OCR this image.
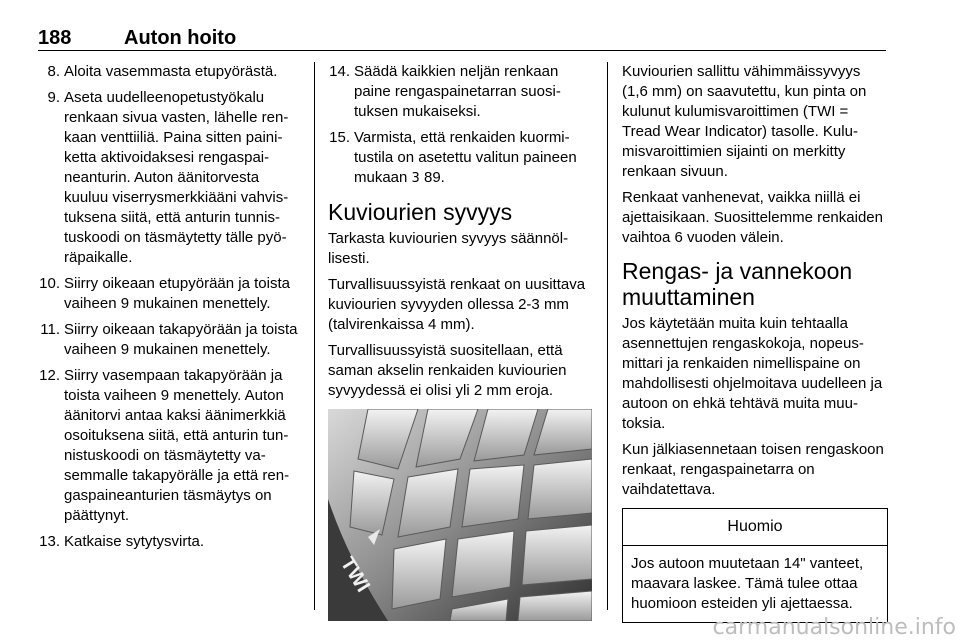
188	Auton hoito
8. Aloita vasemmasta etupyörästä.
9. Aseta uudelleenopetustyökalu renkaan sivua vasten, lähelle renkaan venttiiliä. Paina sitten painiketta aktivoidaksesi rengaspaineanturin. Auton äänitorvesta kuuluu viserrysmerkkiääni vahvistuksena siitä, että anturin tunnistuskoodi on täsmäytetty tälle pyöräpaikalle.
10. Siirry oikeaan etupyörään ja toista vaiheen 9 mukainen menettely.
11. Siirry oikeaan takapyörään ja toista vaiheen 9 mukainen menettely.
12. Siirry vasempaan takapyörään ja toista vaiheen 9 menettely. Auton äänitorvi antaa kaksi äänimerkkiä osoituksena siitä, että anturin tunnistuskoodi on täsmäytetty vasemmalle takapyörälle ja että rengaspaineanturien täsmäytys on päättynyt.
13. Katkaise sytytysvirta.
14. Säädä kaikkien neljän renkaan paine rengaspainetarran suosituksen mukaiseksi.
15. Varmista, että renkaiden kuormitustila on asetettu valitun paineen mukaan 3 89.
Kuviourien syvyys

Tarkasta kuviourien syvyys säännöllisesti.

Turvallisuussyistä renkaat on uusittava kuviourien syvyyden ollessa 2-3 mm (talvirenkaissa 4 mm).

Turvallisuussyistä suositellaan, että saman akselin renkaiden kuviourien syvyydessä ei olisi yli 2 mm eroja.

TWI

Kuviourien sallittu vähimmäissyvyys (1,6 mm) on saavutettu, kun pinta on kulunut kulumisvaroittimen (TWI = Tread Wear Indicator) tasolle. Kulumisvaroittimien sijainti on merkitty renkaan sivuun.

Renkaat vanhenevat, vaikka niillä ei ajettaisikaan. Suosittelemme renkaiden vaihtoa 6 vuoden välein.

Rengas- ja vannekoon muuttaminen

Jos käytetään muita kuin tehtaalla asennettujen rengaskokoja, nopeusmittari ja renkaiden nimellispaine on mahdollisesti ohjelmoitava uudelleen ja autoon on ehkä tehtävä muita muutoksia.

Kun jälkiasennetaan toisen rengaskoon renkaat, rengaspainetarra on vaihdatettava.

Huomio
Jos autoon muutetaan 14" vanteet, maavara laskee. Tämä tulee ottaa huomioon esteiden yli ajettaessa.
carmanualsonline.info
